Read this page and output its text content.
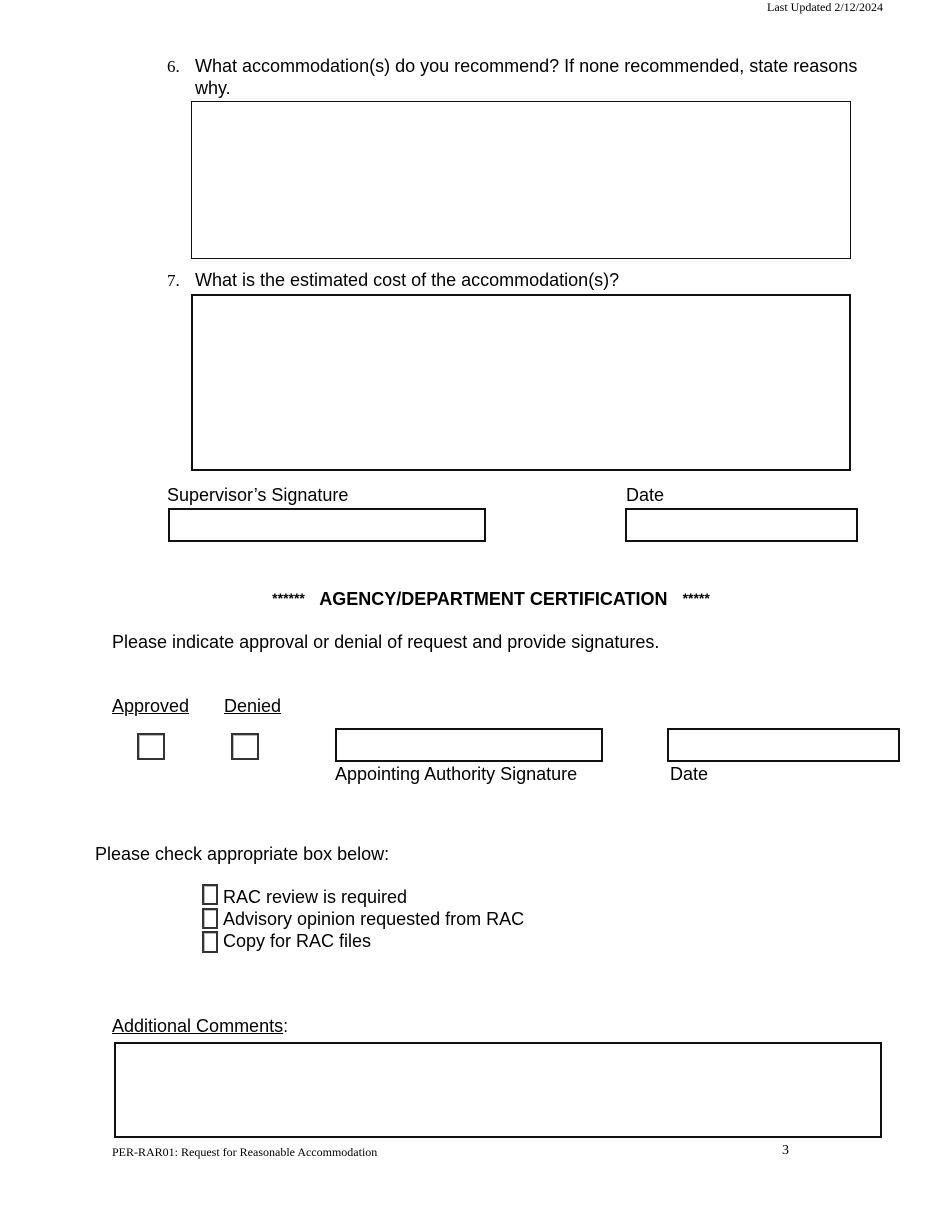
Last Updated 2/12/2024
6. What accommodation(s) do you recommend? If none recommended, state reasons
why.
7. What is the estimated cost of the accommodation(s)?
Supervisor’s Signature	Date
****** AGENCY/DEPARTMENT CERTIFICATION *****
Please indicate approval or denial of request and provide signatures.
Approved Denied
Appointing Authority Signature	Date
Please check appropriate box below:
RAC review is required
Advisory opinion requested from RAC
Copy for RAC files
Additional Comments:
PER-RAR01: Request for Reasonable Accommodation	3
